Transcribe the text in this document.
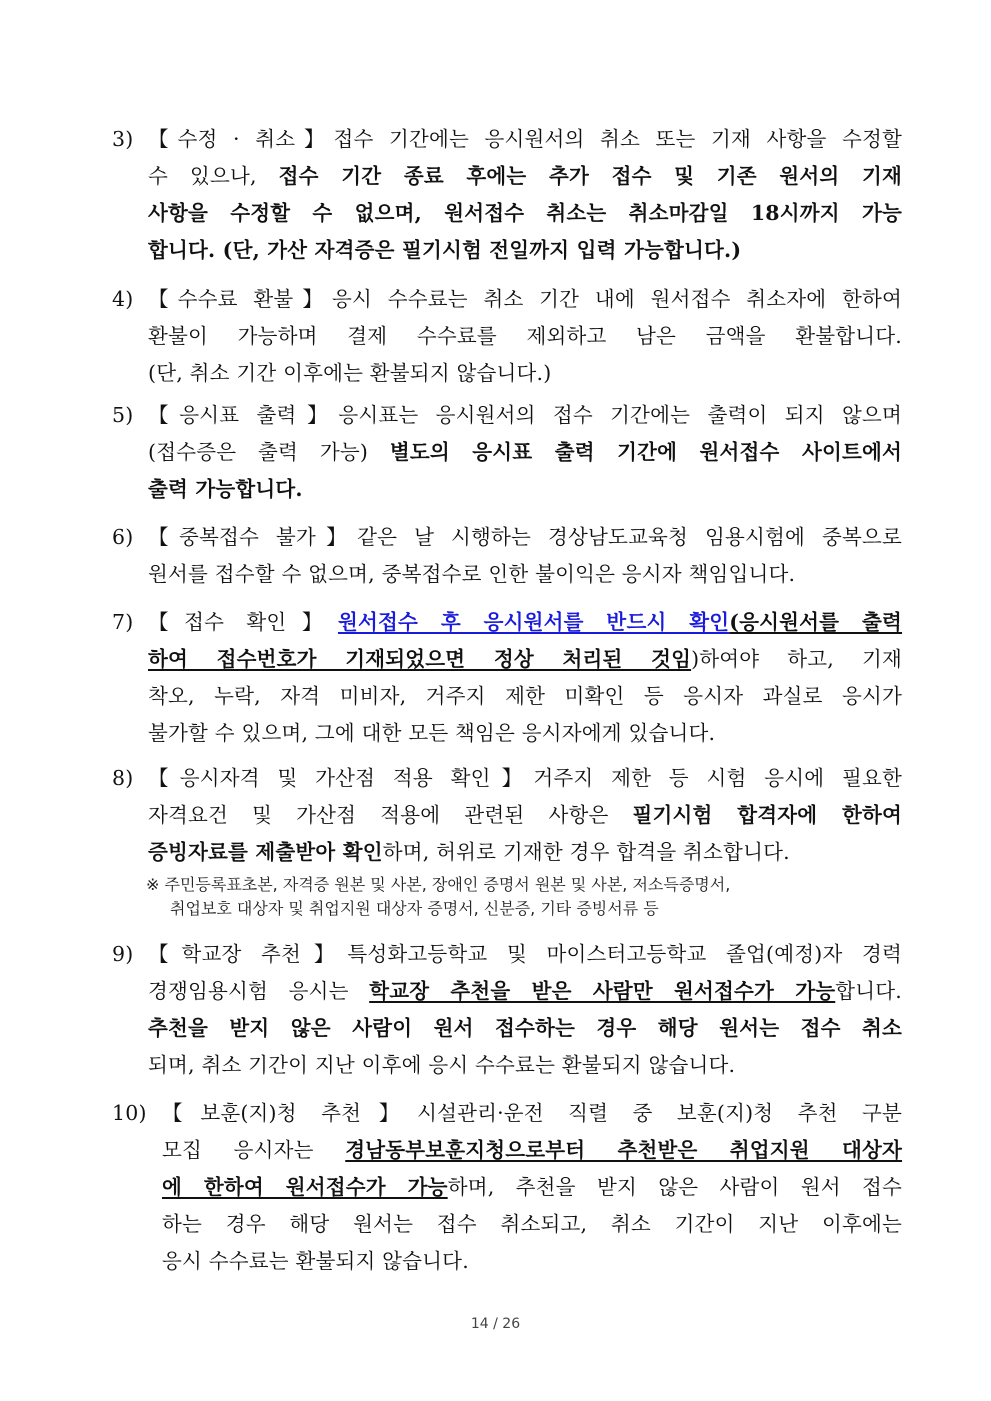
3) 【수정 · 취소】접수 기간에는 응시원서의 취소 또는 기재 사항을 수정할
수 있으나, 접수 기간 종료 후에는 추가 접수 및 기존 원서의 기재
사항을 수정할 수 없으며, 원서접수 취소는 취소마감일 18시까지 가능
합니다. (단, 가산 자격증은 필기시험 전일까지 입력 가능합니다.)
4) 【수수료 환불】응시 수수료는 취소 기간 내에 원서접수 취소자에 한하여
환불이 가능하며 결제 수수료를 제외하고 남은 금액을 환불합니다.
(단, 취소 기간 이후에는 환불되지 않습니다.)
5) 【응시표 출력】응시표는 응시원서의 접수 기간에는 출력이 되지 않으며
(접수증은 출력 가능) 별도의 응시표 출력 기간에 원서접수 사이트에서
출력 가능합니다.
6) 【중복접수 불가】같은 날 시행하는 경상남도교육청 임용시험에 중복으로
원서를 접수할 수 없으며, 중복접수로 인한 불이익은 응시자 책임입니다.
7) 【접수 확인】원서접수 후 응시원서를 반드시 확인(응시원서를 출력
하여 접수번호가 기재되었으면 정상 처리된 것임)하여야 하고, 기재
착오, 누락, 자격 미비자, 거주지 제한 미확인 등 응시자 과실로 응시가
불가할 수 있으며, 그에 대한 모든 책임은 응시자에게 있습니다.
8) 【응시자격 및 가산점 적용 확인】거주지 제한 등 시험 응시에 필요한
자격요건 및 가산점 적용에 관련된 사항은 필기시험 합격자에 한하여
증빙자료를 제출받아 확인하며, 허위로 기재한 경우 합격을 취소합니다.
9) 【학교장 추천】특성화고등학교 및 마이스터고등학교 졸업(예정)자 경력
경쟁임용시험 응시는 학교장 추천을 받은 사람만 원서접수가 가능합니다.
추천을 받지 않은 사람이 원서 접수하는 경우 해당 원서는 접수 취소
되며, 취소 기간이 지난 이후에 응시 수수료는 환불되지 않습니다.
10) 【보훈(지)청 추천】시설관리·운전 직렬 중 보훈(지)청 추천 구분
모집 응시자는 경남동부보훈지청으로부터 추천받은 취업지원 대상자
에 한하여 원서접수가 가능하며, 추천을 받지 않은 사람이 원서 접수
하는 경우 해당 원서는 접수 취소되고, 취소 기간이 지난 이후에는
응시 수수료는 환불되지 않습니다.
※ 주민등록표초본, 자격증 원본 및 사본, 장애인 증명서 원본 및 사본, 저소득증명서,
취업보호 대상자 및 취업지원 대상자 증명서, 신분증, 기타 증빙서류 등
14 / 26
